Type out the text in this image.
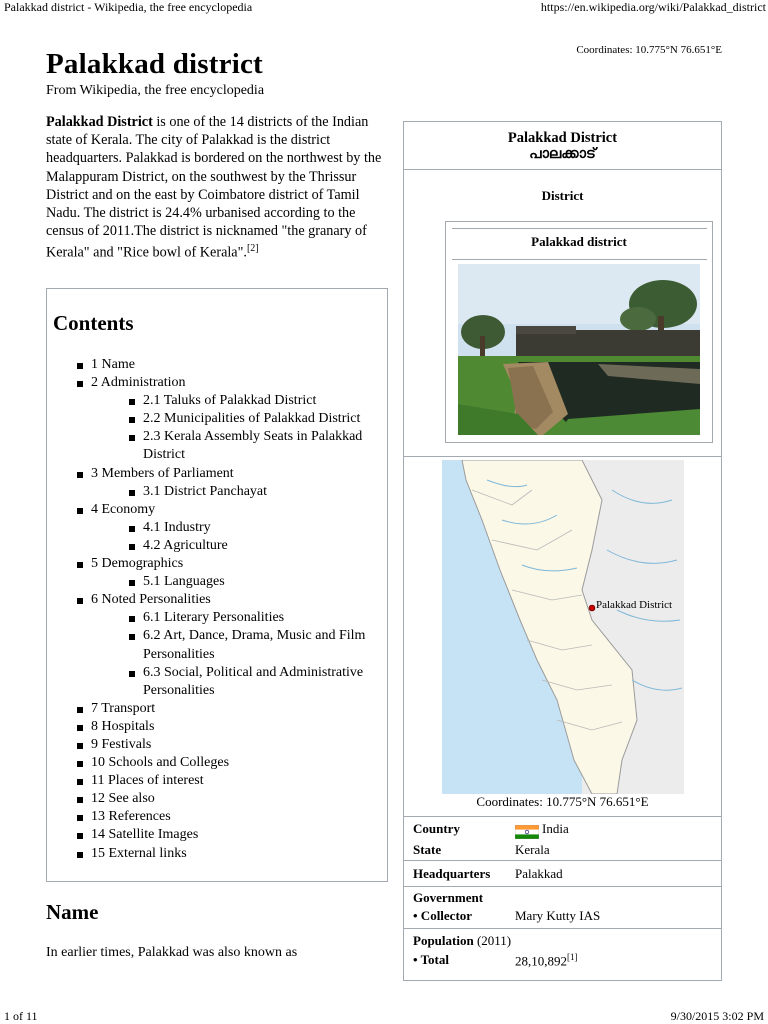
Palakkad district - Wikipedia, the free encyclopedia	https://en.wikipedia.org/wiki/Palakkad_district
Coordinates: 10.775°N 76.651°E
Palakkad district
From Wikipedia, the free encyclopedia
Palakkad District is one of the 14 districts of the Indian state of Kerala. The city of Palakkad is the district headquarters. Palakkad is bordered on the northwest by the Malappuram District, on the southwest by the Thrissur District and on the east by Coimbatore district of Tamil Nadu. The district is 24.4% urbanised according to the census of 2011.The district is nicknamed "the granary of Kerala" and "Rice bowl of Kerala".[2]
Contents
1 Name
2 Administration
2.1 Taluks of Palakkad District
2.2 Municipalities of Palakkad District
2.3 Kerala Assembly Seats in Palakkad District
3 Members of Parliament
3.1 District Panchayat
4 Economy
4.1 Industry
4.2 Agriculture
5 Demographics
5.1 Languages
6 Noted Personalities
6.1 Literary Personalities
6.2 Art, Dance, Drama, Music and Film Personalities
6.3 Social, Political and Administrative Personalities
7 Transport
8 Hospitals
9 Festivals
10 Schools and Colleges
11 Places of interest
12 See also
13 References
14 Satellite Images
15 External links
Name
In earlier times, Palakkad was also known as
Palakkad District
പാലക്കാട്
District
Palakkad district
Palakkad District
Coordinates: 10.775°N 76.651°E
Country	India
State	Kerala
Headquarters Palakkad
Government
• Collector	Mary Kutty IAS
Population (2011)
• Total	28,10,892[1]
1 of 11	9/30/2015 3:02 PM
